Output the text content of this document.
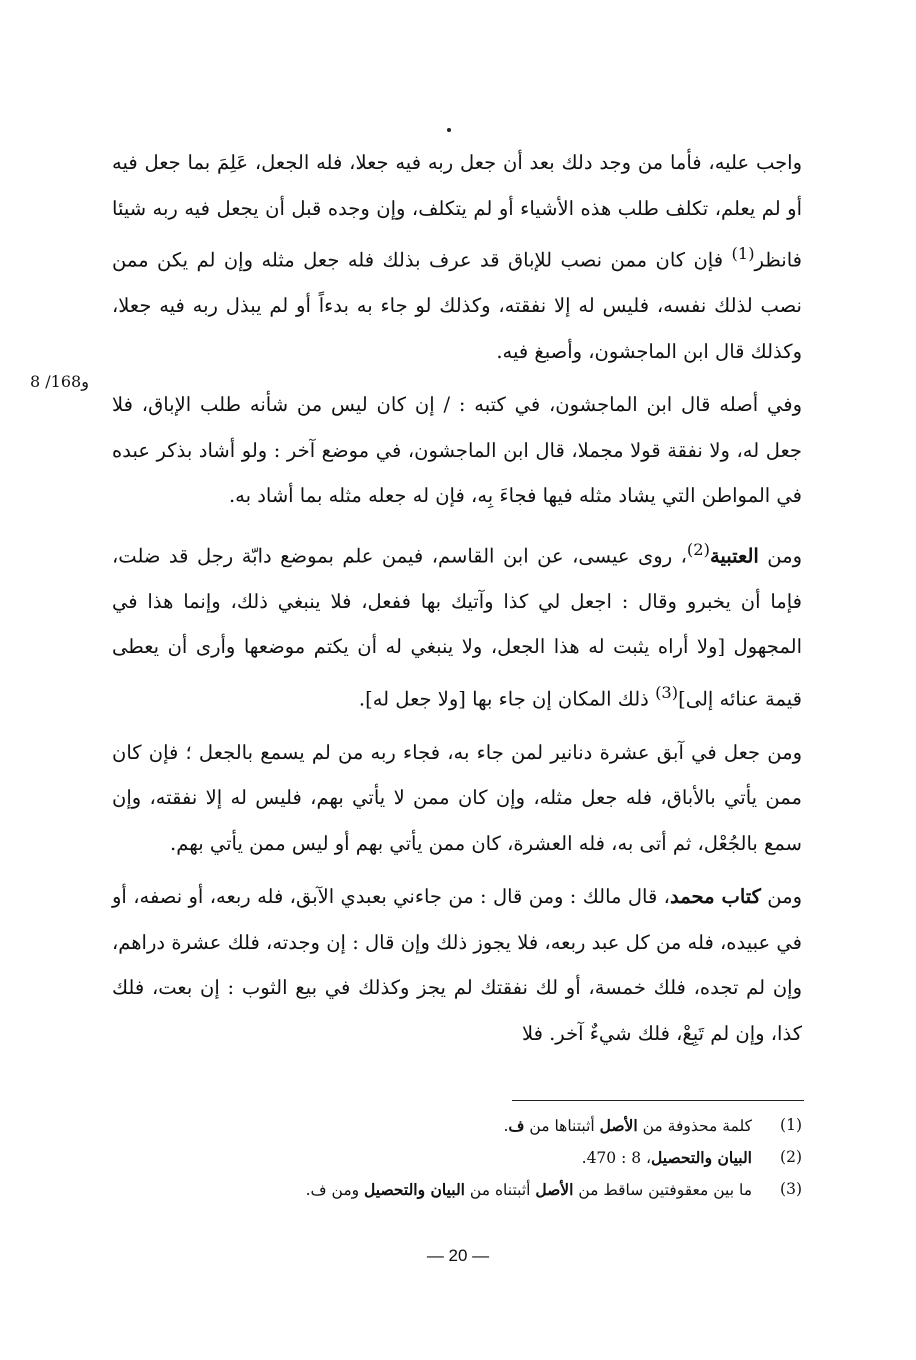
8 /168و

واجب عليه، فأما من وجد دلك بعد أن جعل ربه فيه جعلا، فله الجعل، عَلِمَ بما جعل فيه أو لم يعلم، تكلف طلب هذه الأشياء أو لم يتكلف، وإن وجده قبل أن يجعل فيه ربه شيئا فانظر$^{(1)}$ فإن كان ممن نصب للإباق قد عرف بذلك فله جعل مثله وإن لم يكن ممن نصب لذلك نفسه، فليس له إلا نفقته، وكذلك لو جاء به بدءاً أو لم يبذل ربه فيه جعلا، وكذلك قال ابن الماجشون، وأصبغ فيه.

وفي أصله قال ابن الماجشون، في كتبه : / إن كان ليس من شأنه طلب الإباق، فلا جعل له، ولا نفقة قولا مجملا، قال ابن الماجشون، في موضع آخر : ولو أشاد بذكر عبده في المواطن التي يشاد مثله فيها فجاءَ بِه، فإن له جعله مثله بما أشاد به.

ومن العتبية$^{(2)}$، روى عيسى، عن ابن القاسم، فيمن علم بموضع دابّة رجل قد ضلت، فإما أن يخبرو وقال : اجعل لي كذا وآتيك بها ففعل، فلا ينبغي ذلك، وإنما هذا في المجهول [ولا أراه يثبت له هذا الجعل، ولا ينبغي له أن يكتم موضعها وأرى أن يعطى قيمة عنائه إلى]$^{(3)}$ ذلك المكان إن جاء بها [ولا جعل له].

ومن جعل في آبق عشرة دنانير لمن جاء به، فجاء ربه من لم يسمع بالجعل ؛ فإن كان ممن يأتي بالأباق، فله جعل مثله، وإن كان ممن لا يأتي بهم، فليس له إلا نفقته، وإن سمع بالجُعْل، ثم أتى به، فله العشرة، كان ممن يأتي بهم أو ليس ممن يأتي بهم.

ومن كتاب محمد، قال مالك : ومن قال : من جاءني بعبدي الآبق، فله ربعه، أو نصفه، أو في عبيده، فله من كل عبد ربعه، فلا يجوز ذلك وإن قال : إن وجدته، فلك عشرة دراهم، وإن لم تجده، فلك خمسة، أو لك نفقتك لم يجز وكذلك في بيع الثوب : إن بعت، فلك كذا، وإن لم تَبِعْ، فلك شيءٌ آخر. فلا

(1)
كلمة محذوفة من الأصل أثبتناها من ف.
(2)
البيان والتحصيل، 8 : 470.
(3)
ما بين معقوفتين ساقط من الأصل أثبتناه من البيان والتحصيل ومن ف.
— 20 —
